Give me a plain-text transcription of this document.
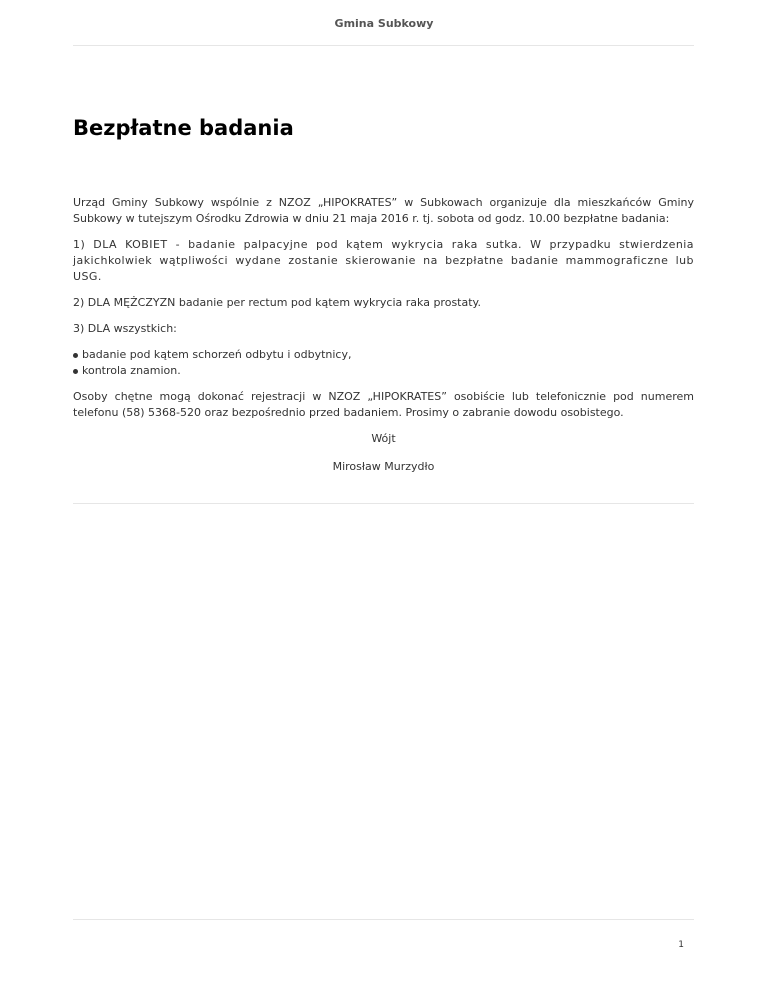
Gmina Subkowy
Bezpłatne badania

Urząd Gminy Subkowy wspólnie z NZOZ „HIPOKRATES” w Subkowach organizuje dla mieszkańców Gminy Subkowy w tutejszym Ośrodku Zdrowia w dniu 21 maja 2016 r. tj. sobota od godz. 10.00 bezpłatne badania:

1) DLA KOBIET - badanie palpacyjne pod kątem wykrycia raka sutka. W przypadku stwierdzenia jakichkolwiek wątpliwości wydane zostanie skierowanie na bezpłatne badanie mammograficzne lub USG.

2) DLA MĘŻCZYZN badanie per rectum pod kątem wykrycia raka prostaty.

3) DLA wszystkich:

badanie pod kątem schorzeń odbytu i odbytnicy,
kontrola znamion.

Osoby chętne mogą dokonać rejestracji w NZOZ „HIPOKRATES” osobiście lub telefonicznie pod numerem telefonu (58) 5368-520 oraz bezpośrednio przed badaniem. Prosimy o zabranie dowodu osobistego.

Wójt

Mirosław Murzydło

1
